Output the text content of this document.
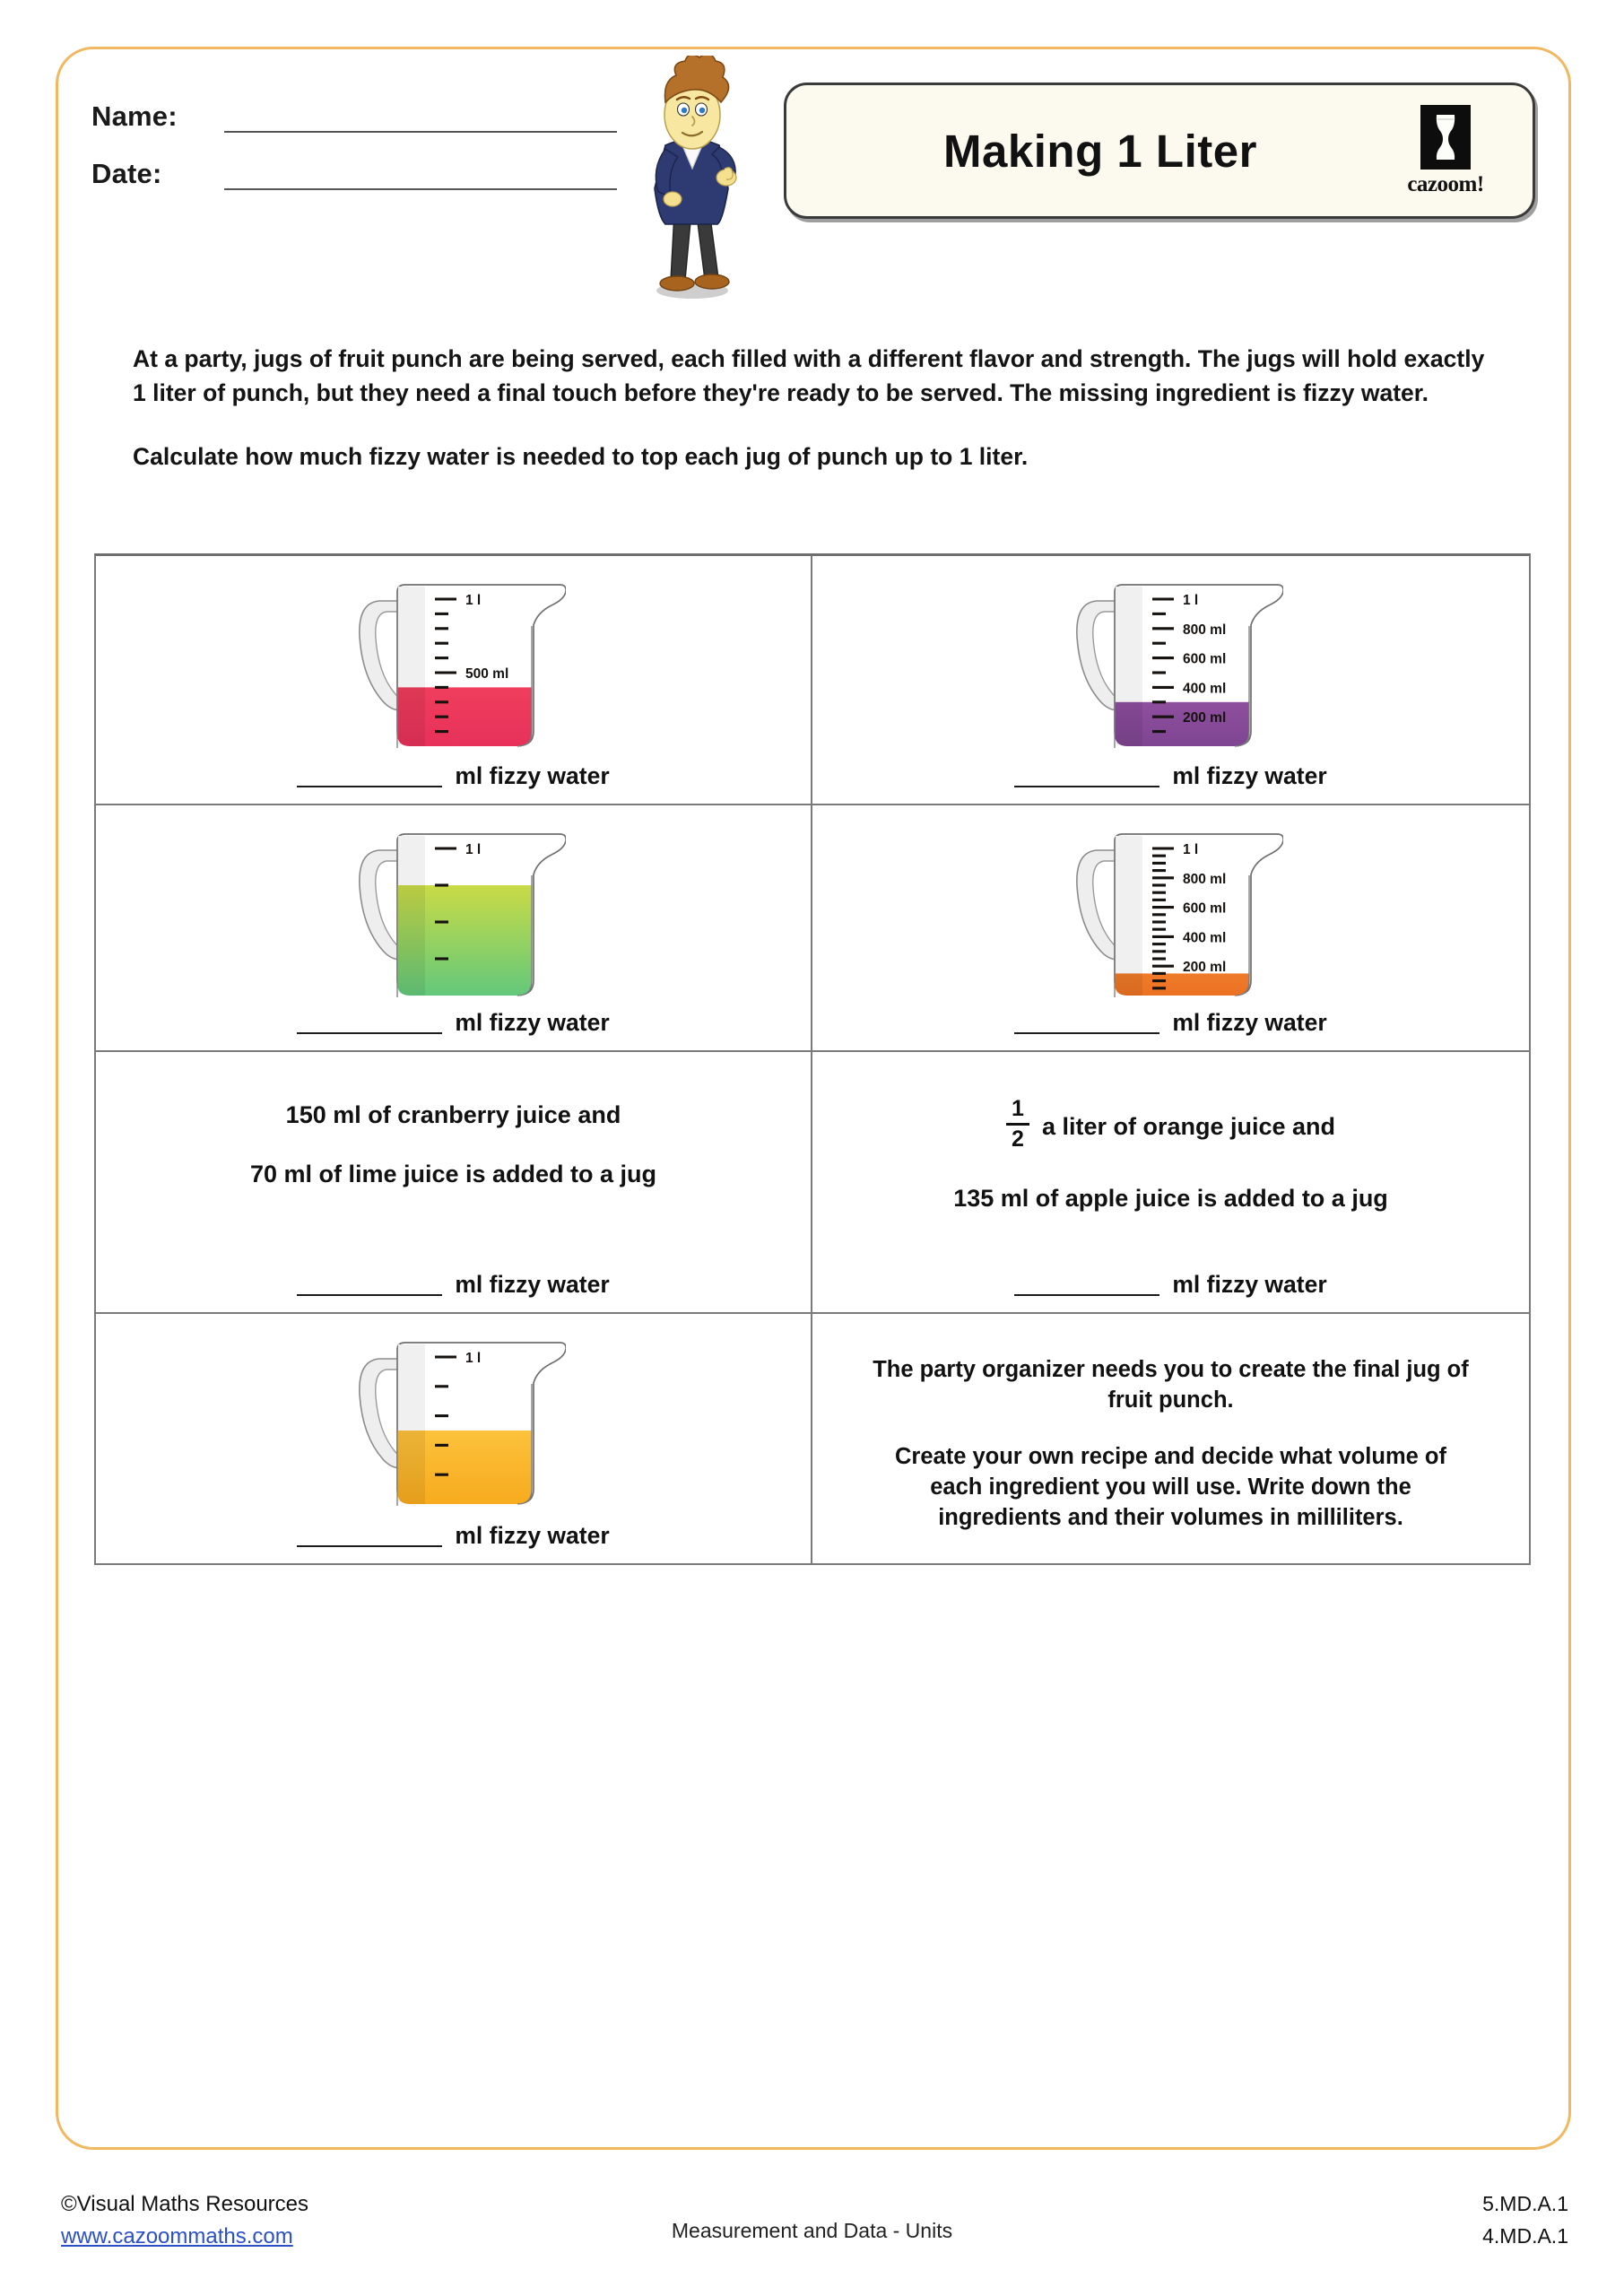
Name:
Date:	Making 1 Liter
cazoom!

At a party, jugs of fruit punch are being served, each filled with a different flavor and strength. The jugs will hold exactly 1 liter of punch, but they need a final touch before they're ready to be served. The missing ingredient is fizzy water.

Calculate how much fizzy water is needed to top each jug of punch up to 1 liter.

1 l
500 ml
ml fizzy water
1 l
800 ml
600 ml
400 ml
200 ml
ml fizzy water
1 l
ml fizzy water
1 l
800 ml
600 ml
400 ml
200 ml
ml fizzy water
150 ml of cranberry juice and
70 ml of lime juice is added to a jug
ml fizzy water
$\frac{1}{2}$ a liter of orange juice and
135 ml of apple juice is added to a jug
ml fizzy water
1 l
ml fizzy water

The party organizer needs you to create the final jug of fruit punch.

Create your own recipe and decide what volume of each ingredient you will use. Write down the ingredients and their volumes in milliliters.

©Visual Maths Resources
www.cazoommaths.com	Measurement and Data - Units
5.MD.A.1
4.MD.A.1
